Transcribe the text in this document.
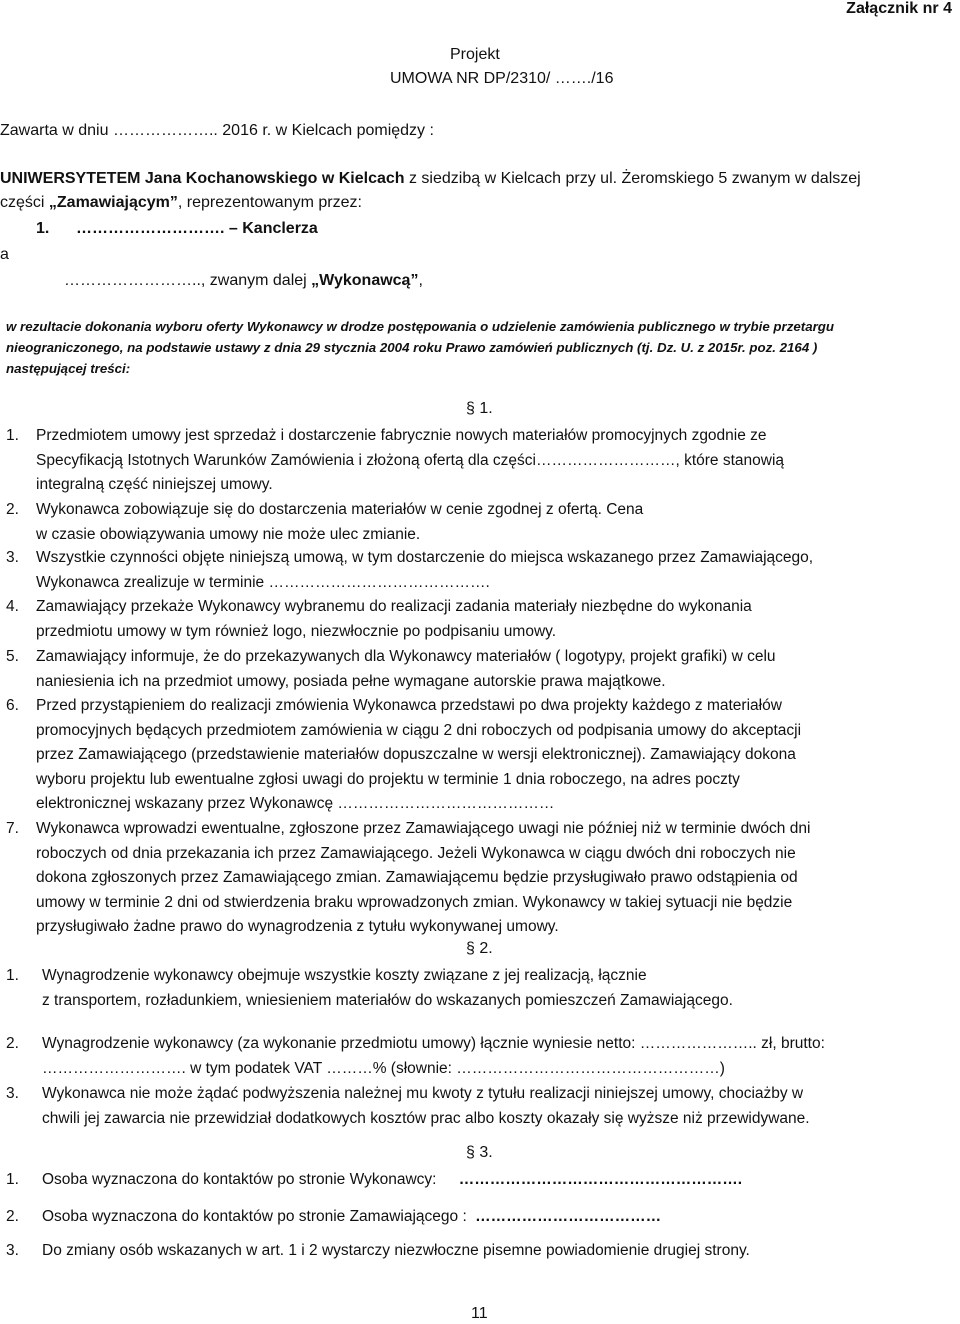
Załącznik nr 4
Projekt
UMOWA NR DP/2310/ ……./16
Zawarta w dniu ……………….. 2016 r. w Kielcach pomiędzy :
UNIWERSYTETEM Jana Kochanowskiego w Kielcach z siedzibą w Kielcach przy ul. Żeromskiego 5 zwanym w dalszej
części „Zamawiającym”, reprezentowanym przez:
1. ………………………. – Kanclerza
a
…………………….., zwanym dalej „Wykonawcą”,
w rezultacie dokonania wyboru oferty Wykonawcy w drodze postępowania o udzielenie zamówienia publicznego w trybie przetargu
nieograniczonego, na podstawie ustawy z dnia 29 stycznia 2004 roku Prawo zamówień publicznych (tj. Dz. U. z 2015r. poz. 2164 )
następującej treści:
§ 1.
1. Przedmiotem umowy jest sprzedaż i dostarczenie fabrycznie nowych materiałów promocyjnych zgodnie ze
Specyfikacją Istotnych Warunków Zamówienia i złożoną ofertą dla części………………………, które stanowią
integralną część niniejszej umowy.
2. Wykonawca zobowiązuje się do dostarczenia materiałów w cenie zgodnej z ofertą. Cena
w czasie obowiązywania umowy nie może ulec zmianie.
3. Wszystkie czynności objęte niniejszą umową, w tym dostarczenie do miejsca wskazanego przez Zamawiającego,
Wykonawca zrealizuje w terminie …………………………………….
4. Zamawiający przekaże Wykonawcy wybranemu do realizacji zadania materiały niezbędne do wykonania
przedmiotu umowy w tym również logo, niezwłocznie po podpisaniu umowy.
5. Zamawiający informuje, że do przekazywanych dla Wykonawcy materiałów ( logotypy, projekt grafiki) w celu
naniesienia ich na przedmiot umowy, posiada pełne wymagane autorskie prawa majątkowe.
6. Przed przystąpieniem do realizacji zmówienia Wykonawca przedstawi po dwa projekty każdego z materiałów
promocyjnych będących przedmiotem zamówienia w ciągu 2 dni roboczych od podpisania umowy do akceptacji
przez Zamawiającego (przedstawienie materiałów dopuszczalne w wersji elektronicznej). Zamawiający dokona
wyboru projektu lub ewentualne zgłosi uwagi do projektu w terminie 1 dnia roboczego, na adres poczty
elektronicznej wskazany przez Wykonawcę ……………………………………
7. Wykonawca wprowadzi ewentualne, zgłoszone przez Zamawiającego uwagi nie później niż w terminie dwóch dni
roboczych od dnia przekazania ich przez Zamawiającego. Jeżeli Wykonawca w ciągu dwóch dni roboczych nie
dokona zgłoszonych przez Zamawiającego zmian. Zamawiającemu będzie przysługiwało prawo odstąpienia od
umowy w terminie 2 dni od stwierdzenia braku wprowadzonych zmian. Wykonawcy w takiej sytuacji nie będzie
przysługiwało żadne prawo do wynagrodzenia z tytułu wykonywanej umowy.
§ 2.
1. Wynagrodzenie wykonawcy obejmuje wszystkie koszty związane z jej realizacją, łącznie
z transportem, rozładunkiem, wniesieniem materiałów do wskazanych pomieszczeń Zamawiającego.
2. Wynagrodzenie wykonawcy (za wykonanie przedmiotu umowy) łącznie wyniesie netto: ………………….. zł, brutto:
………………………. w tym podatek VAT ………% (słownie: ……………………………………………)
3. Wykonawca nie może żądać podwyższenia należnej mu kwoty z tytułu realizacji niniejszej umowy, chociażby w
chwili jej zawarcia nie przewidział dodatkowych kosztów prac albo koszty okazały się wyższe niż przewidywane.
§ 3.
1. Osoba wyznaczona do kontaktów po stronie Wykonawcy: ……………………………………………….
2. Osoba wyznaczona do kontaktów po stronie Zamawiającego : ………………………………
3. Do zmiany osób wskazanych w art. 1 i 2 wystarczy niezwłoczne pisemne powiadomienie drugiej strony.
11
